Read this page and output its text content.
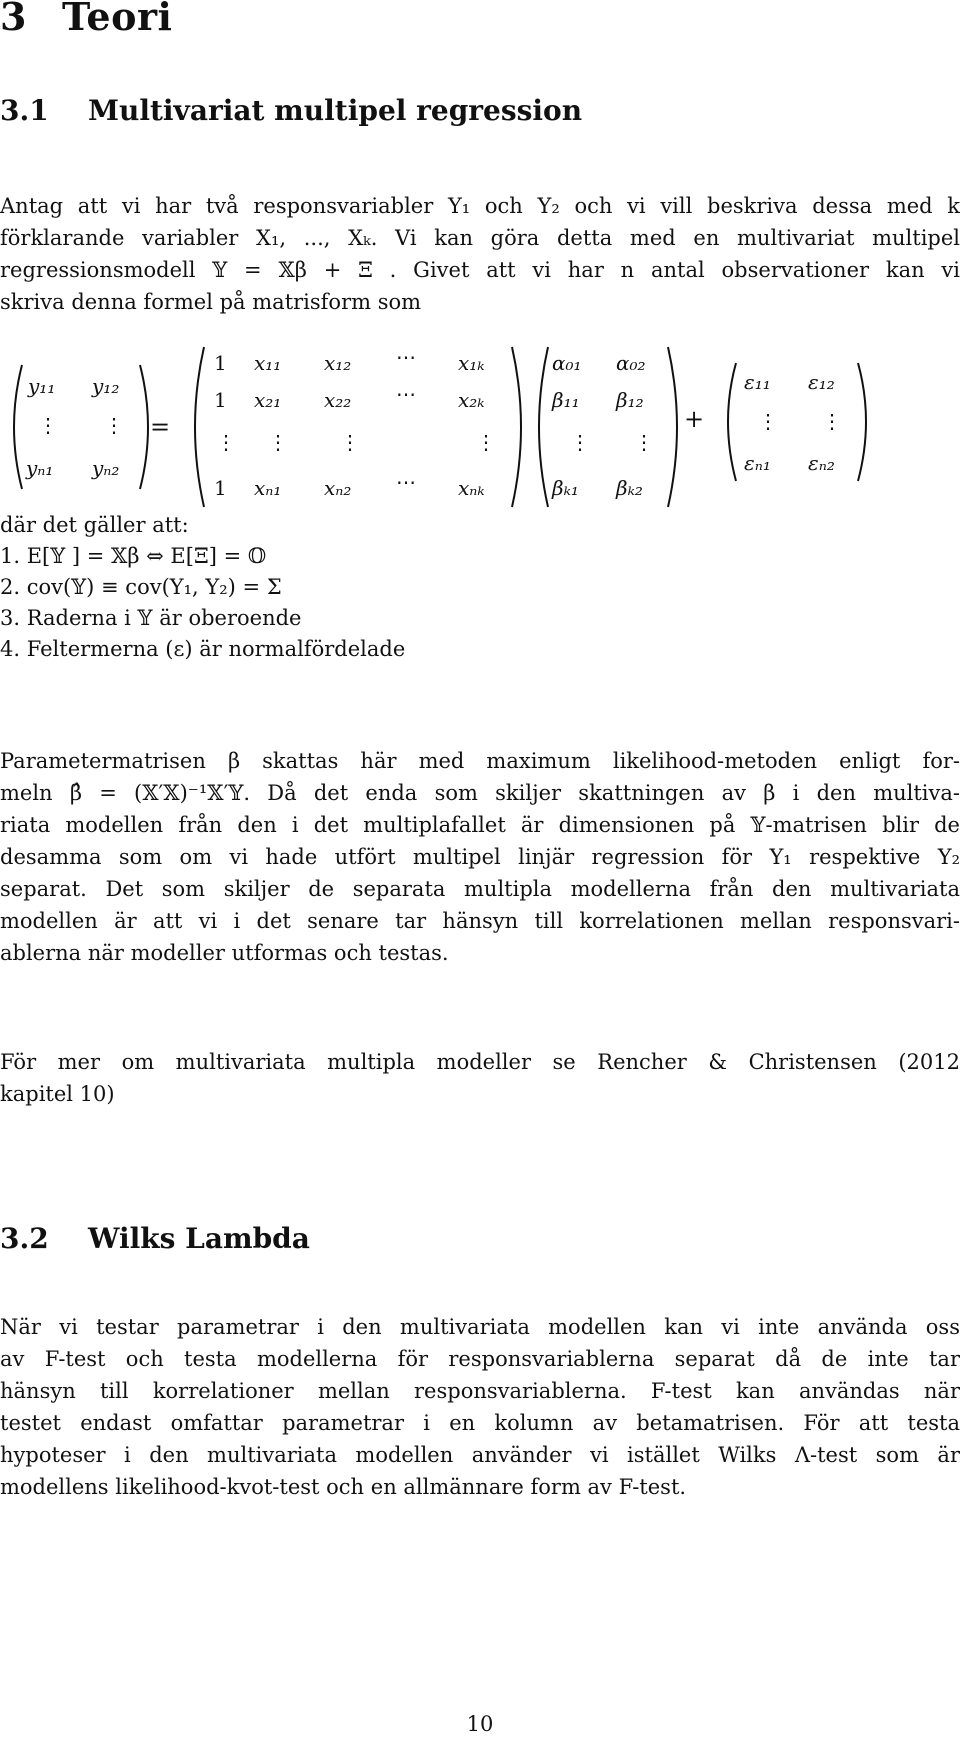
3 Teori
3.1 Multivariat multipel regression

Antag att vi har två responsvariabler Y₁ och Y₂ och vi vill beskriva dessa med k
förklarande variabler X₁, ..., Xₖ. Vi kan göra detta med en multivariat multipel
regressionsmodell 𝕐 = 𝕏β + Ξ . Givet att vi har n antal observationer kan vi
skriva denna formel på matrisform som

y₁₁ y₁₂
⋮ ⋮
yₙ₁ yₙ₂
=
1 x₁₁ x₁₂ ⋯ x₁ₖ
1 x₂₁ x₂₂ ⋯ x₂ₖ
⋮ ⋮	⋮	⋮
1 xₙ₁ xₙ₂ ⋯ xₙₖ
α₀₁ α₀₂
β₁₁ β₁₂
⋮ ⋮
βₖ₁ βₖ₂
+
ε₁₁ ε₁₂
⋮ ⋮
εₙ₁ εₙ₂
där det gäller att:
1. E[𝕐 ] = 𝕏β ⇔ E[Ξ] = 𝕆
2. cov(𝕐) ≡ cov(Y₁, Y₂) = Σ
3. Raderna i 𝕐 är oberoende
4. Feltermerna (ε) är normalfördelade

Parametermatrisen β skattas här med maximum likelihood-metoden enligt for-
meln β̂ = (𝕏′𝕏)⁻¹𝕏′𝕐. Då det enda som skiljer skattningen av β i den multiva-
riata modellen från den i det multiplafallet är dimensionen på 𝕐-matrisen blir de
desamma som om vi hade utfört multipel linjär regression för Y₁ respektive Y₂
separat. Det som skiljer de separata multipla modellerna från den multivariata
modellen är att vi i det senare tar hänsyn till korrelationen mellan responsvari-
ablerna när modeller utformas och testas.

För mer om multivariata multipla modeller se Rencher & Christensen (2012
kapitel 10)

3.2 Wilks Lambda

När vi testar parametrar i den multivariata modellen kan vi inte använda oss
av F-test och testa modellerna för responsvariablerna separat då de inte tar
hänsyn till korrelationer mellan responsvariablerna. F-test kan användas när
testet endast omfattar parametrar i en kolumn av betamatrisen. För att testa
hypoteser i den multivariata modellen använder vi istället Wilks Λ-test som är
modellens likelihood-kvot-test och en allmännare form av F-test.

10
